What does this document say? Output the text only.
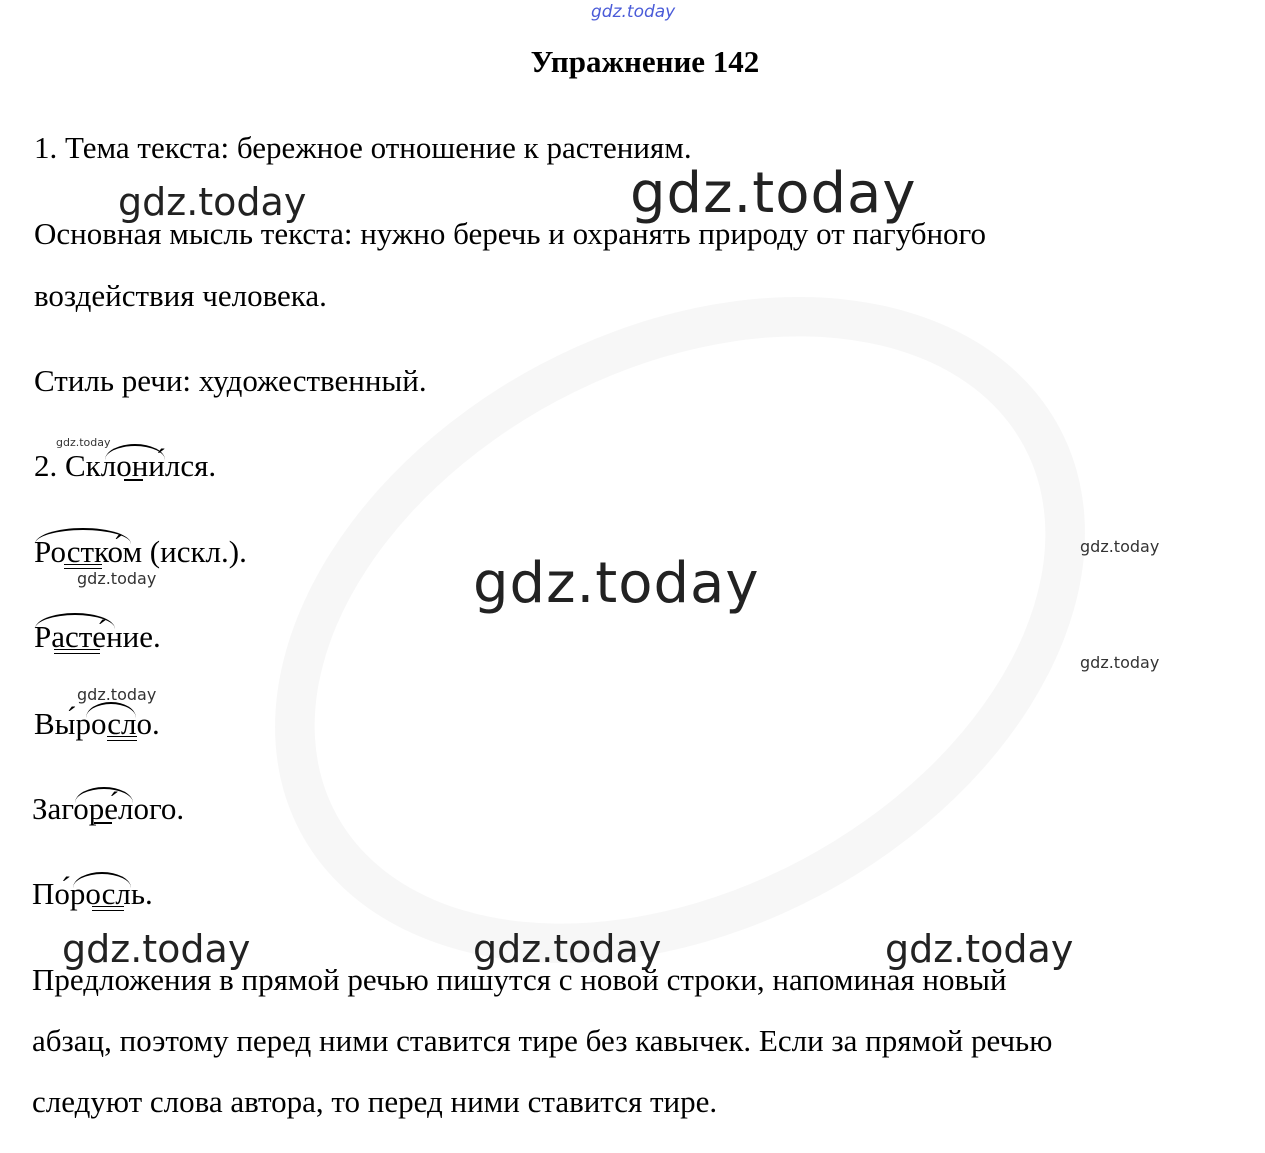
gdz.today
gdz.today	gdz.today
gdz.today
gdz.today
gdz.today
gdz.today
gdz.today
gdz.today
gdz.today	gdz.today	gdz.today
Упражнение 142
1. Тема текста: бережное отношение к растениям.
Основная мысль текста: нужно беречь и охранять природу от пагубного
воздействия человека.
Стиль речи: художественный.
2. Склони́лся.
Ростко́м (искл.).
Расте́ние.
Вы́росло.
Загоре́лого.
По́росль.
Предложения в прямой речью пишутся с новой строки, напоминая новый
абзац, поэтому перед ними ставится тире без кавычек. Если за прямой речью
следуют слова автора, то перед ними ставится тире.
